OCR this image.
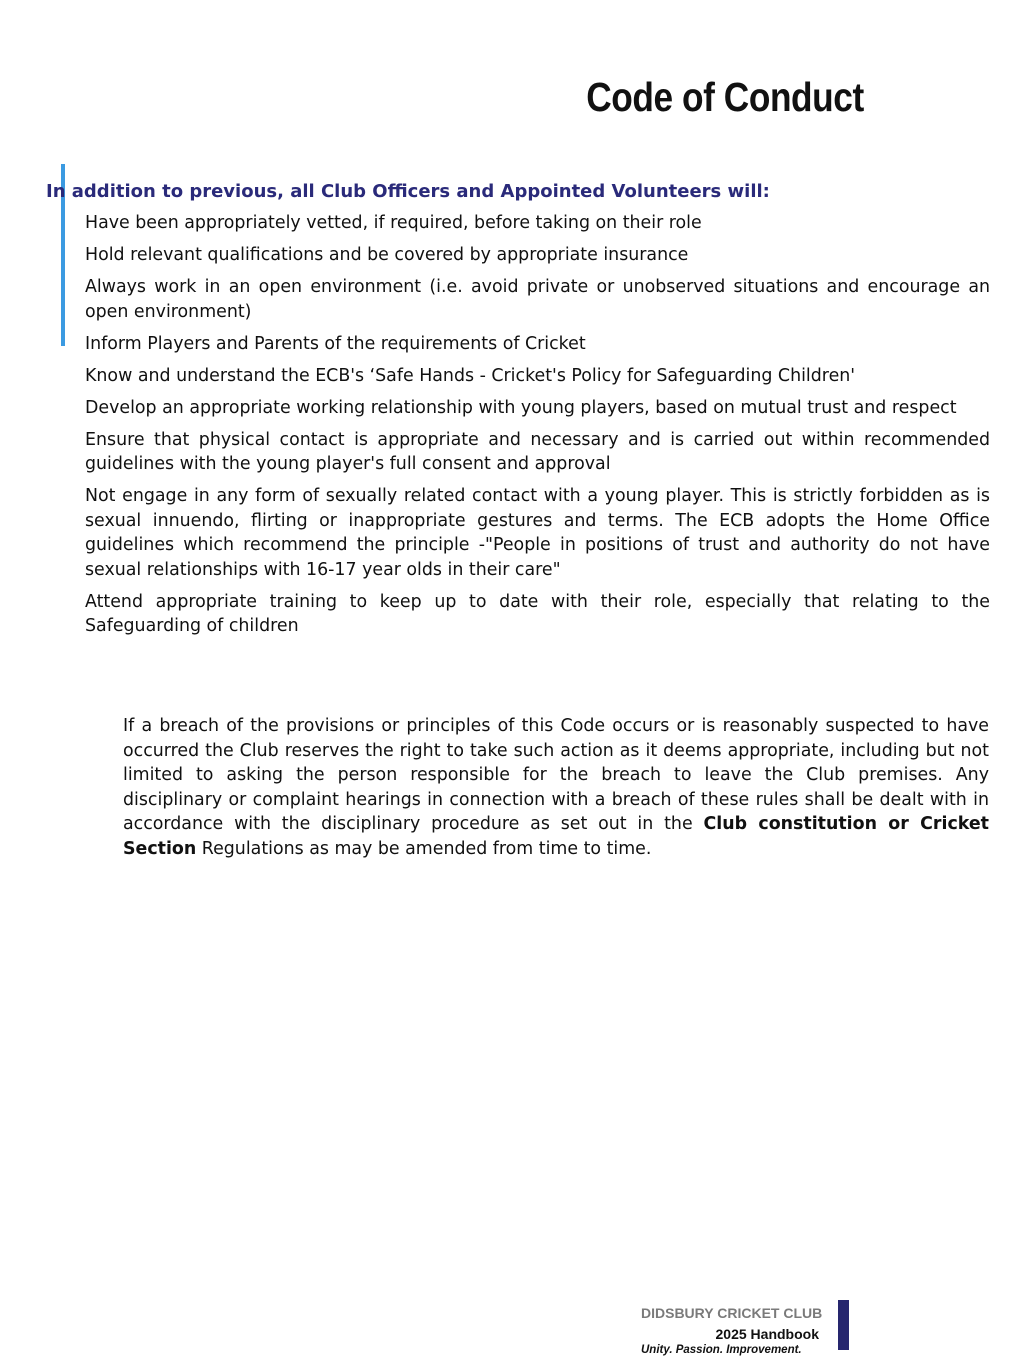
Code of Conduct
In addition to previous, all Club Officers and Appointed Volunteers will:
Have been appropriately vetted, if required, before taking on their role
Hold relevant qualifications and be covered by appropriate insurance
Always work in an open environment (i.e. avoid private or unobserved situations and encourage an open environment)
Inform Players and Parents of the requirements of Cricket
Know and understand the ECB's ‘Safe Hands - Cricket's Policy for Safeguarding Children'
Develop an appropriate working relationship with young players, based on mutual trust and respect
Ensure that physical contact is appropriate and necessary and is carried out within recommended guidelines with the young player's full consent and approval
Not engage in any form of sexually related contact with a young player. This is strictly forbidden as is sexual innuendo, flirting or inappropriate gestures and terms. The ECB adopts the Home Office guidelines which recommend the principle -"People in positions of trust and authority do not have sexual relationships with 16-17 year olds in their care"
Attend appropriate training to keep up to date with their role, especially that relating to the Safeguarding of children

If a breach of the provisions or principles of this Code occurs or is reasonably suspected to have occurred the Club reserves the right to take such action as it deems appropriate, including but not limited to asking the person responsible for the breach to leave the Club premises. Any disciplinary or complaint hearings in connection with a breach of these rules shall be dealt with in accordance with the disciplinary procedure as set out in the Club constitution or Cricket Section Regulations as may be amended from time to time.

DIDSBURY CRICKET CLUB
2025 Handbook
Unity. Passion. Improvement.
